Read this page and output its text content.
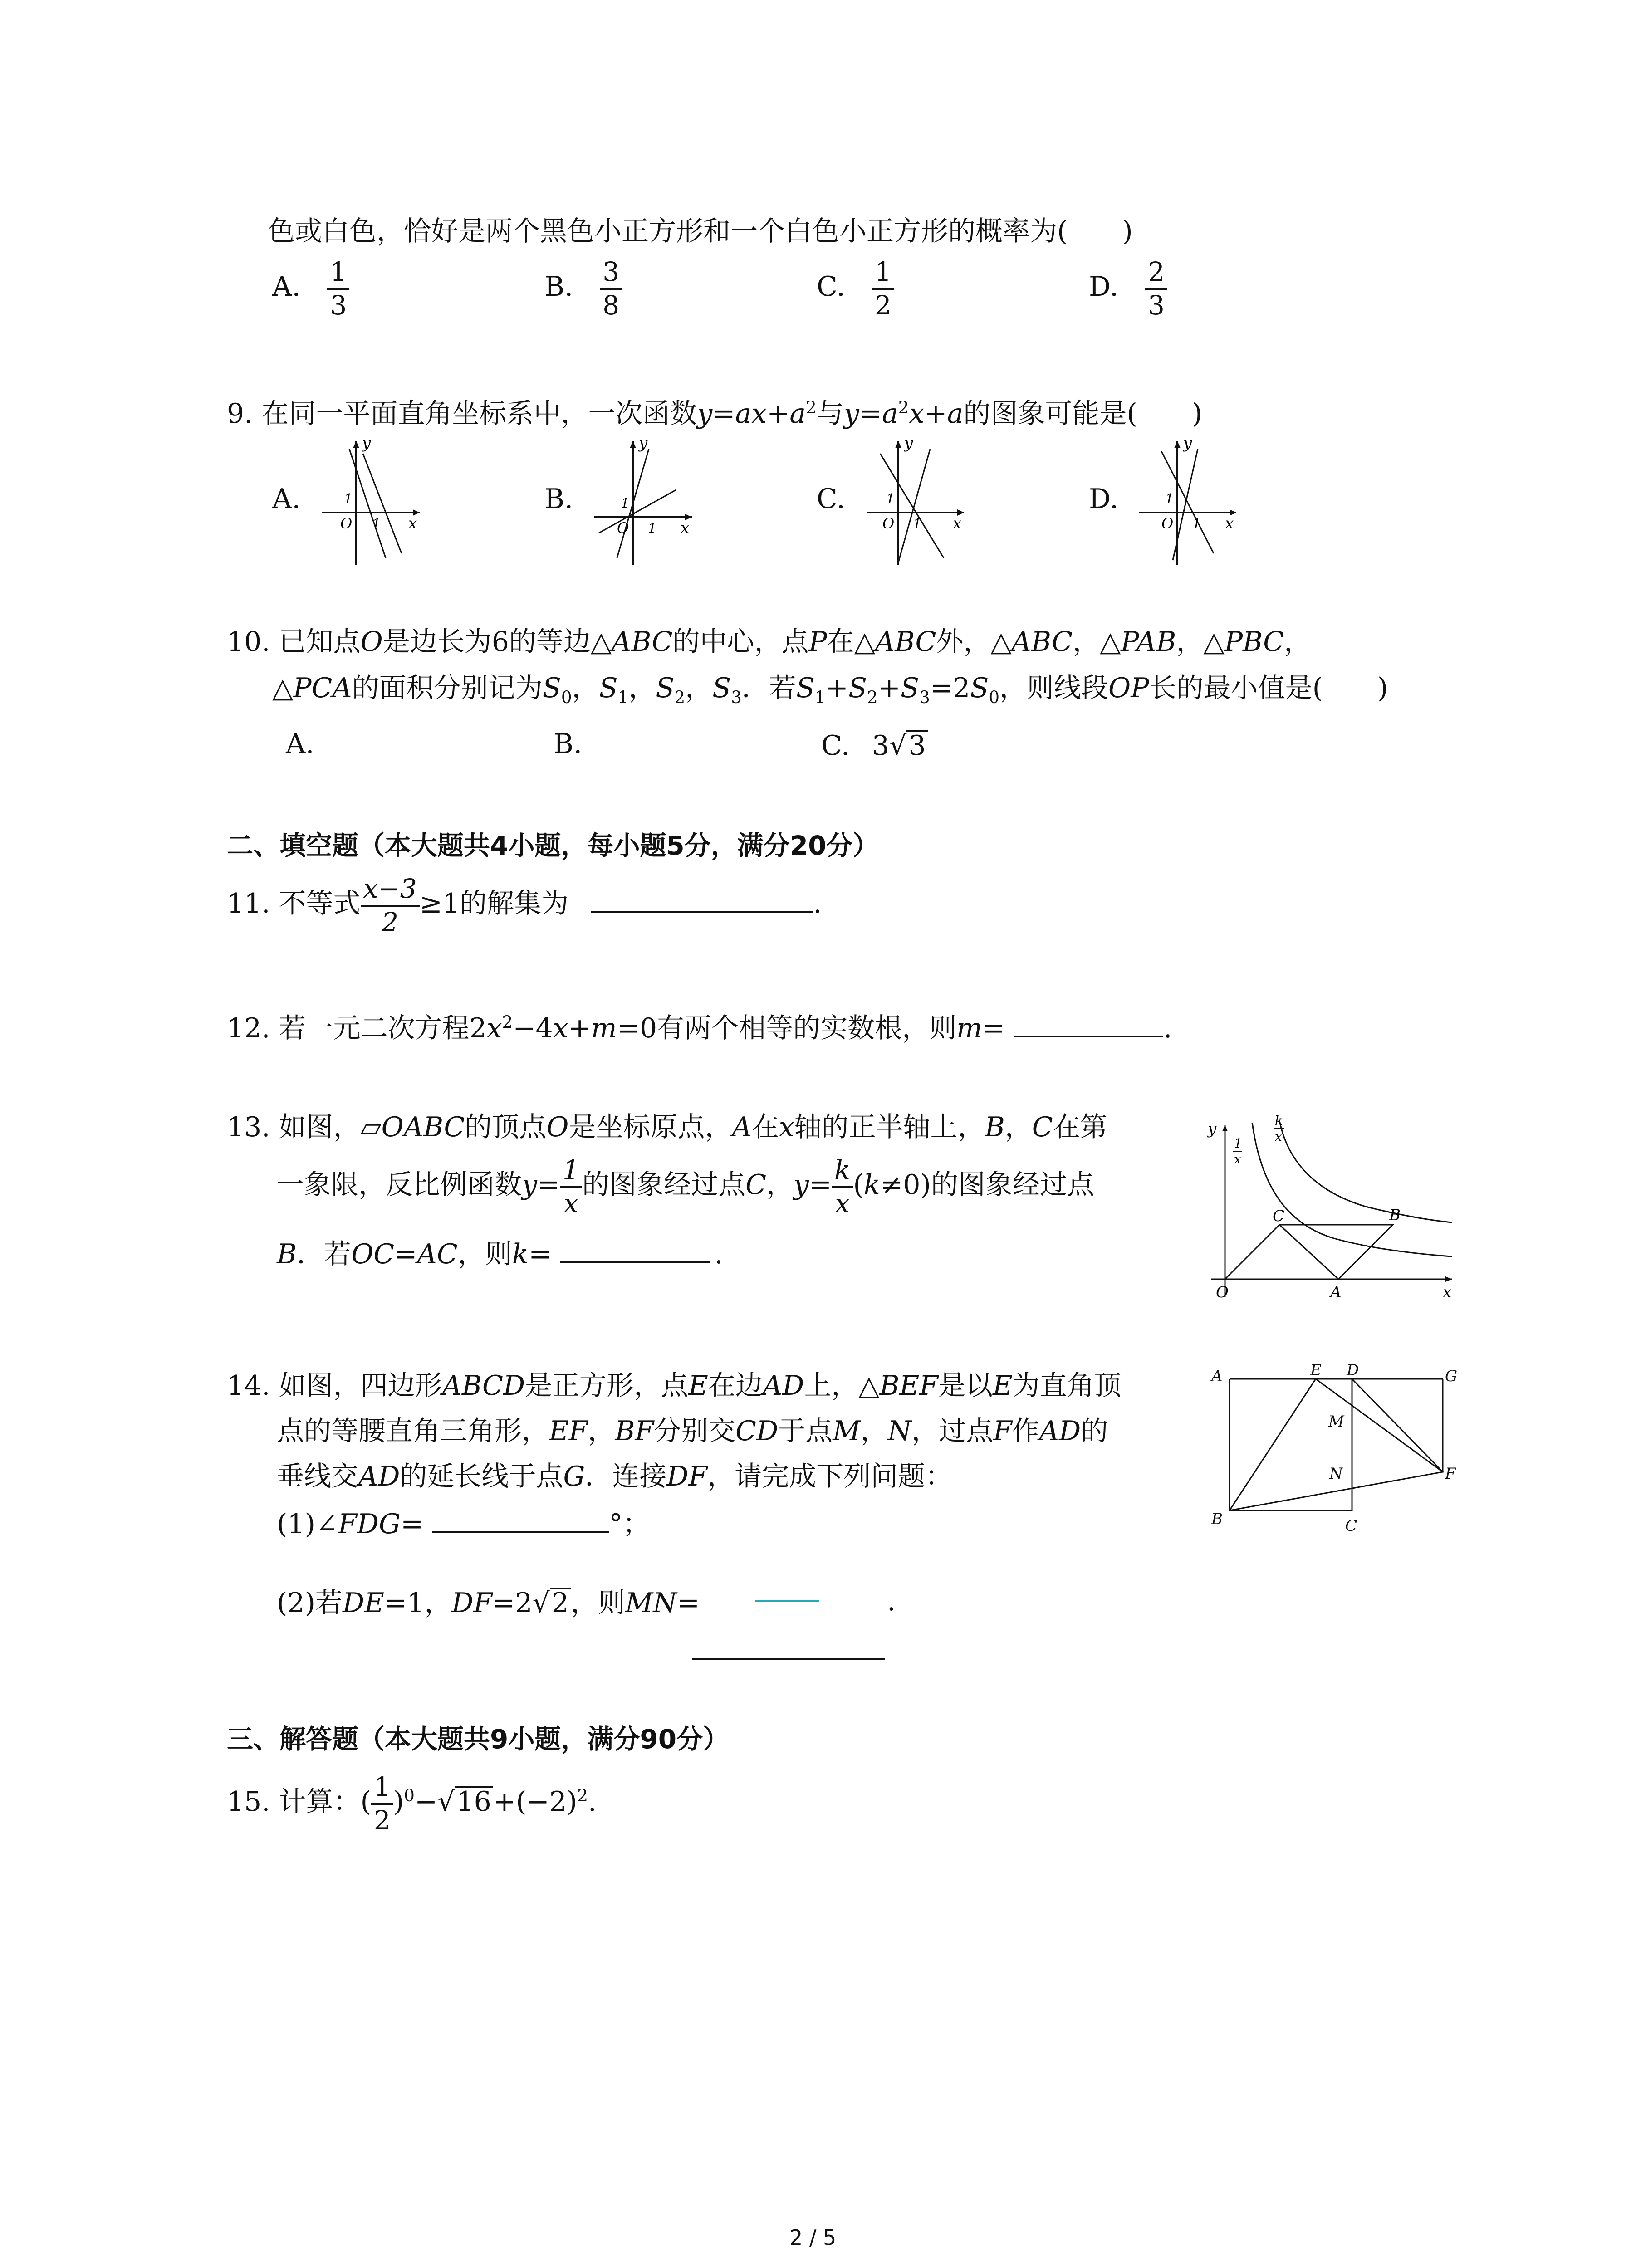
色或白色，恰好是两个黑色小正方形和一个白色小正方形的概率为(　　)
A. $\frac{1}{3}$	B. $\frac{3}{8}$	C. $\frac{1}{2}$	D. $\frac{2}{3}$
9. 在同一平面直角坐标系中，一次函数$y=ax+a^2$与$y=a^2x+a$的图象可能是(　　)
A.	B.	C.	D.
y
x
O
1
1
y
x
O
1
1
y
x
O
1
1
y
x
O
1
1
10. 已知点O是边长为6的等边△ABC的中心，点P在△ABC外，△ABC，△PAB，△PBC，
△PCA的面积分别记为$S_0$，$S_1$，$S_2$，$S_3$．若$S_1+S_2+S_3=2S_0$，则线段OP长的最小值是(　　)
A.	B.	C. 3√3
二、填空题（本大题共4小题，每小题5分，满分20分）
11. 不等式 $\frac{x-3}{2} \ge 1$的解集为	.
12. 若一元二次方程$2x^2-4x+m=0$有两个相等的实数根，则m=	.
13. 如图，▱OABC的顶点O是坐标原点，A在x轴的正半轴上，B，C在第
一象限，反比例函数$y= \frac{1}{x}$ 的图象经过点C，$y= \frac{k}{x} (k\ne 0)$的图象经过点
B．若OC=AC，则k=	.
y
x
O	A
B
C
1
x
k
x
14. 如图，四边形ABCD是正方形，点E在边AD上，△BEF是以E为直角顶
点的等腰直角三角形，EF，BF分别交CD于点M，N，过点F作AD的
垂线交AD的延长线于点G．连接DF，请完成下列问题：
(1)∠FDG=	°；
(2)若DE=1，DF=2√2，则MN=	.
A
B	C
D
E
F
G
M
N
三、解答题（本大题共9小题，满分90分）
15. 计算：( $\frac{1}{2} )^0-√16+(-2)^2$.
2 / 5
